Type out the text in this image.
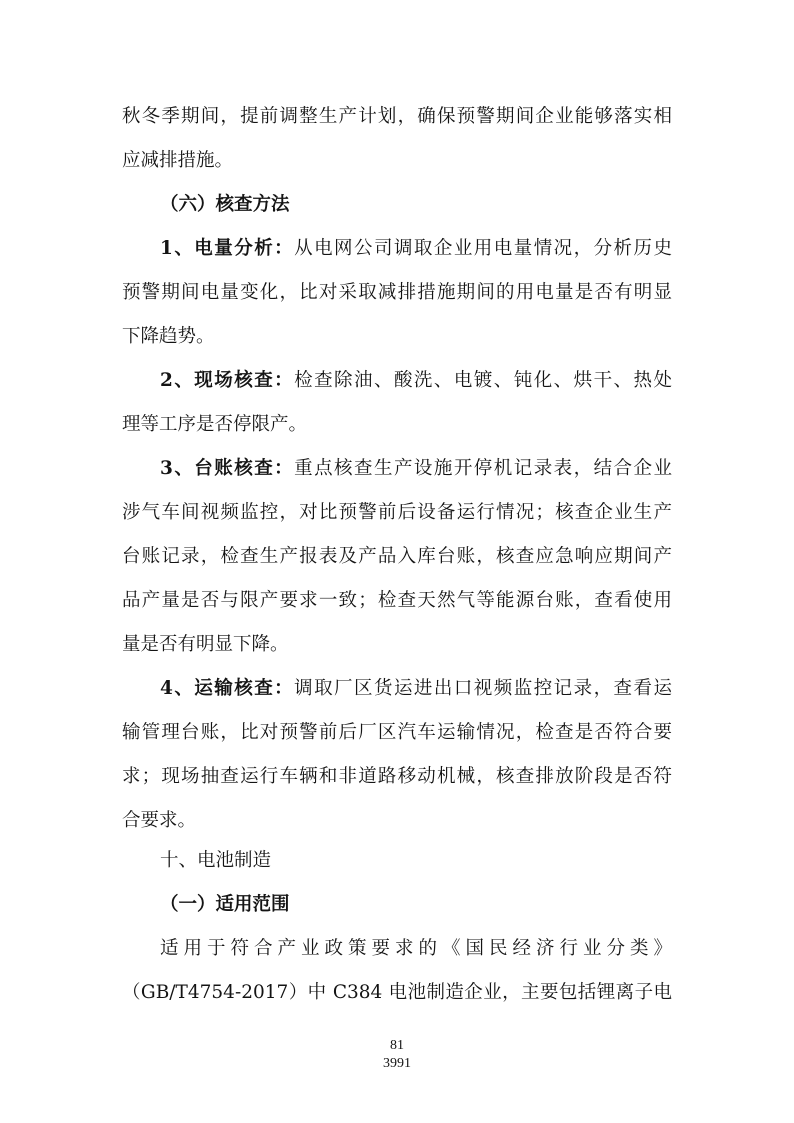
秋冬季期间，提前调整生产计划，确保预警期间企业能够落实相
应减排措施。
（六）核查方法
1、电量分析：从电网公司调取企业用电量情况，分析历史
预警期间电量变化，比对采取减排措施期间的用电量是否有明显
下降趋势。
2、现场核查：检查除油、酸洗、电镀、钝化、烘干、热处
理等工序是否停限产。
3、台账核查：重点核查生产设施开停机记录表，结合企业
涉气车间视频监控，对比预警前后设备运行情况；核查企业生产
台账记录，检查生产报表及产品入库台账，核查应急响应期间产
品产量是否与限产要求一致；检查天然气等能源台账，查看使用
量是否有明显下降。
4、运输核查：调取厂区货运进出口视频监控记录，查看运
输管理台账，比对预警前后厂区汽车运输情况，检查是否符合要
求；现场抽查运行车辆和非道路移动机械，核查排放阶段是否符
合要求。
十、电池制造
（一）适用范围
适用于符合产业政策要求的《国民经济行业分类》
（GB/T4754-2017）中 C384 电池制造企业，主要包括锂离子电
81
3991
